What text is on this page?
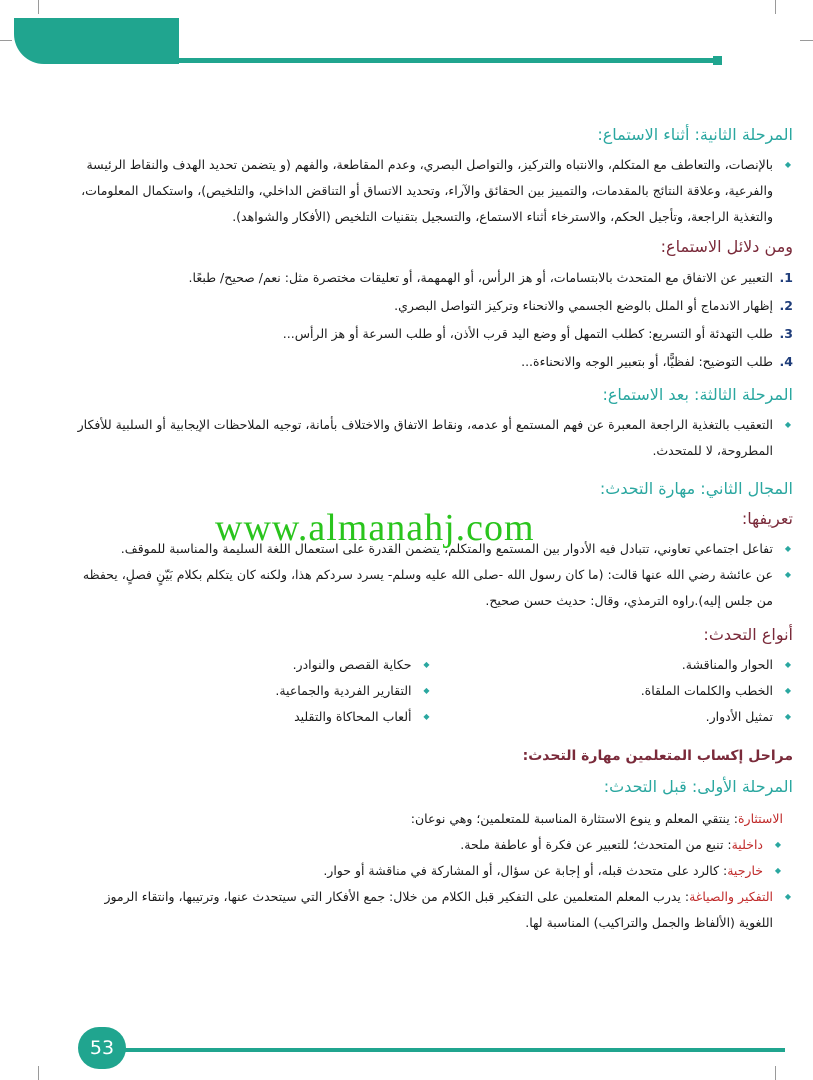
المرحلة الثانية: أثناء الاستماع:

◆ بالإنصات، والتعاطف مع المتكلم، والانتباه والتركيز، والتواصل البصري، وعدم المقاطعة، والفهم (و يتضمن تحديد الهدف والنقاط الرئيسة والفرعية، وعلاقة النتائج بالمقدمات، والتمييز بين الحقائق والآراء، وتحديد الاتساق أو التناقض الداخلي، والتلخيص)، واستكمال المعلومات، والتغذية الراجعة، وتأجيل الحكم، والاسترخاء أثناء الاستماع، والتسجيل بتقنيات التلخيص (الأفكار والشواهد).

ومن دلائل الاستماع:

1.
التعبير عن الاتفاق مع المتحدث بالابتسامات، أو هز الرأس، أو الهمهمة، أو تعليقات مختصرة مثل: نعم/ صحيح/ طبعًا.

2.
إظهار الاندماج أو الملل بالوضع الجسمي والانحناء وتركيز التواصل البصري.

3.
طلب التهدئة أو التسريع: كطلب التمهل أو وضع اليد قرب الأذن، أو طلب السرعة أو هز الرأس...

4.
طلب التوضيح: لفظيًّا، أو بتعبير الوجه والانحناءة...

المرحلة الثالثة: بعد الاستماع:

◆ التعقيب بالتغذية الراجعة المعبرة عن فهم المستمع أو عدمه، ونقاط الاتفاق والاختلاف بأمانة، توجيه الملاحظات الإيجابية أو السلبية للأفكار المطروحة، لا للمتحدث.

المجال الثاني: مهارة التحدث:
تعريفها:

◆ تفاعل اجتماعي تعاوني، تتبادل فيه الأدوار بين المستمع والمتكلم، يتضمن القدرة على استعمال اللغة السليمة والمناسبة للموقف.

◆ عن عائشة رضي الله عنها قالت: (ما كان رسول الله -صلى الله عليه وسلم- يسرد سردكم هذا، ولكنه كان يتكلم بكلام بَيّنٍ فصلٍ، يحفظه من جلس إليه).راوه الترمذي، وقال: حديث حسن صحيح.

أنواع التحدث:

◆ الحوار والمناقشة.

◆ الخطب والكلمات الملقاة.

◆ تمثيل الأدوار.

◆ حكاية القصص والنوادر.

◆ التقارير الفردية والجماعية.

◆ ألعاب المحاكاة والتقليد

مراحل إكساب المتعلمين مهارة التحدث:
المرحلة الأولى: قبل التحدث:

الاستثارة: ينتقي المعلم و ينوع الاستثارة المناسبة للمتعلمين؛ وهي نوعان:

◆ داخلية: تنبع من المتحدث؛ للتعبير عن فكرة أو عاطفة ملحة.

◆ خارجية: كالرد على متحدث قبله، أو إجابة عن سؤال، أو المشاركة في مناقشة أو حوار.

◆ التفكير والصياغة: يدرب المعلم المتعلمين على التفكير قبل الكلام من خلال: جمع الأفكار التي سيتحدث عنها، وترتيبها، وانتقاء الرموز اللغوية (الألفاظ والجمل والتراكيب) المناسبة لها.

www.almanahj.com
53
